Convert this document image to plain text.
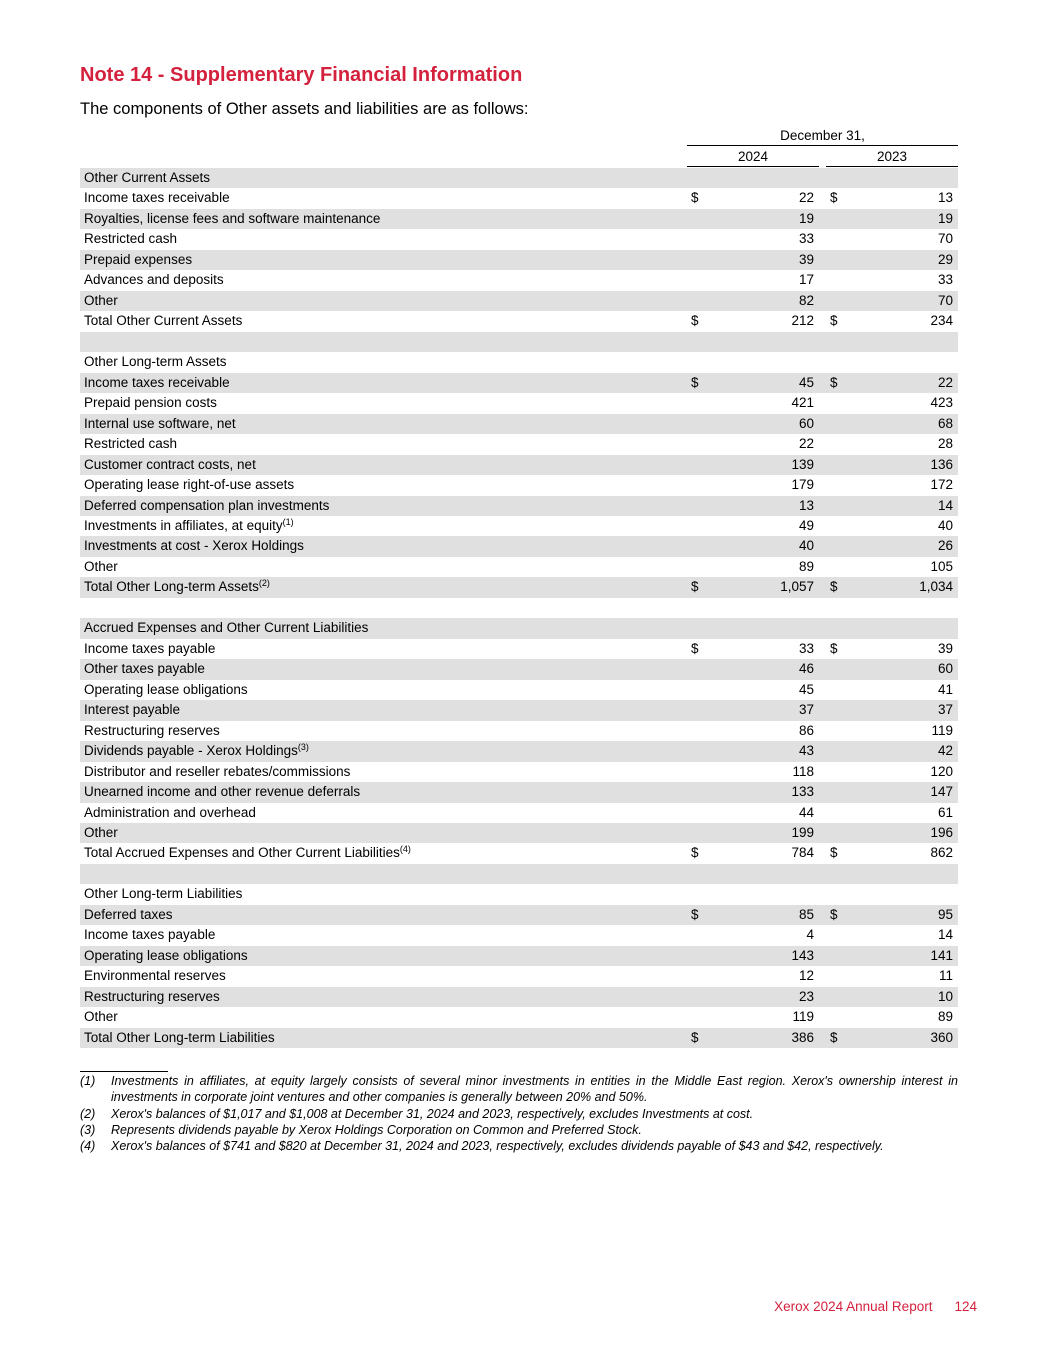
Note 14 - Supplementary Financial Information
The components of Other assets and liabilities are as follows:
December 31,
2024	2023
Other Current Assets
Income taxes receivable	$	22 $	13
Royalties, license fees and software maintenance	19	19
Restricted cash	33	70
Prepaid expenses	39	29
Advances and deposits	17	33
Other	82	70
Total Other Current Assets	$	212 $	234
Other Long-term Assets
Income taxes receivable	$	45 $	22
Prepaid pension costs	421	423
Internal use software, net	60	68
Restricted cash	22	28
Customer contract costs, net	139	136
Operating lease right-of-use assets	179	172
Deferred compensation plan investments	13	14
Investments in affiliates, at equity$^{(1)}$	49	40
Investments at cost - Xerox Holdings	40	26
Other	89	105
Total Other Long-term Assets$^{(2)}$	$	1,057 $	1,034
Accrued Expenses and Other Current Liabilities
Income taxes payable	$	33 $	39
Other taxes payable	46	60
Operating lease obligations	45	41
Interest payable	37	37
Restructuring reserves	86	119
Dividends payable - Xerox Holdings$^{(3)}$	43	42
Distributor and reseller rebates/commissions	118	120
Unearned income and other revenue deferrals	133	147
Administration and overhead	44	61
Other	199	196
Total Accrued Expenses and Other Current Liabilities$^{(4)}$	$	784 $	862
Other Long-term Liabilities
Deferred taxes	$	85 $	95
Income taxes payable	4	14
Operating lease obligations	143	141
Environmental reserves	12	11
Restructuring reserves	23	10
Other	119	89
Total Other Long-term Liabilities	$	386 $	360
(1) Investments in affiliates, at equity largely consists of several minor investments in entities in the Middle East region. Xerox's ownership interest in investments in corporate joint ventures and other companies is generally between 20% and 50%.
(2) Xerox's balances of $1,017 and $1,008 at December 31, 2024 and 2023, respectively, excludes Investments at cost.
(3) Represents dividends payable by Xerox Holdings Corporation on Common and Preferred Stock.
(4) Xerox's balances of $741 and $820 at December 31, 2024 and 2023, respectively, excludes dividends payable of $43 and $42, respectively.
Xerox 2024 Annual Report 124
